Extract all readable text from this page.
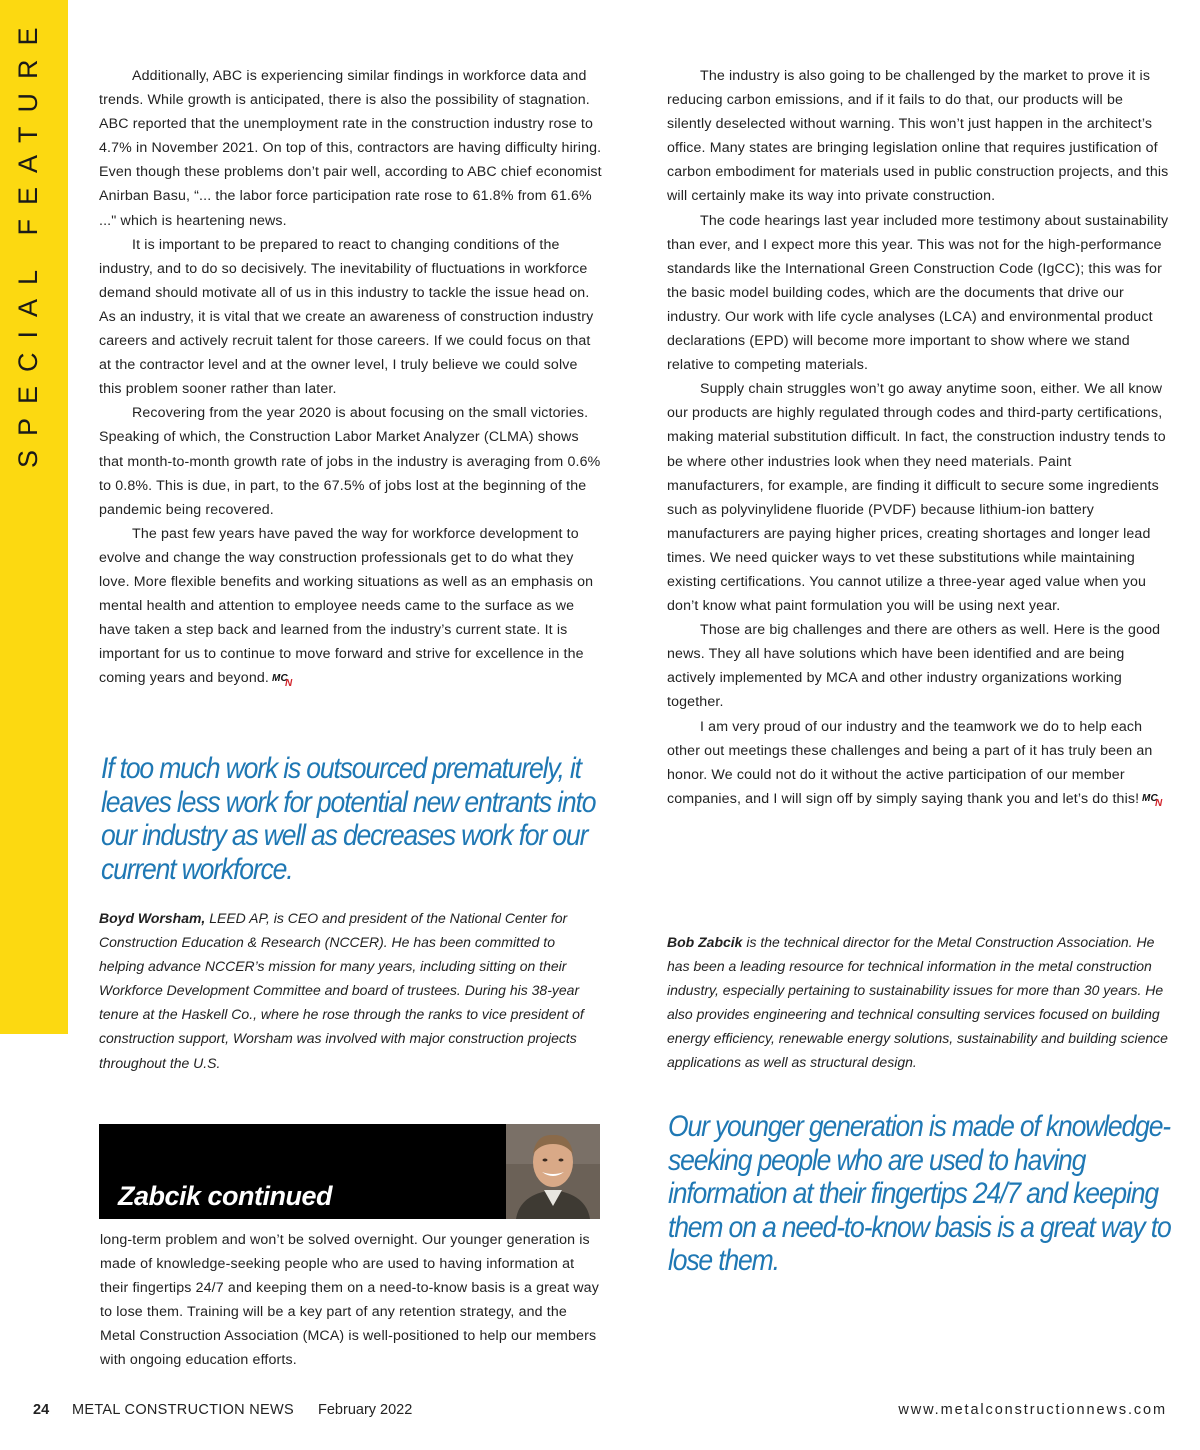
SPECIAL FEATURE	Additionally, ABC is experiencing similar findings in workforce data and trends. While growth is anticipated, there is also the possibility of stagnation. ABC reported that the unemployment rate in the construction industry rose to 4.7% in November 2021. On top of this, contractors are having difficulty hiring. Even though these problems don’t pair well, according to ABC chief economist Anirban Basu, “... the labor force participation rate rose to 61.8% from 61.6% ..." which is heartening news.

It is important to be prepared to react to changing conditions of the industry, and to do so decisively. The inevitability of fluctuations in workforce demand should motivate all of us in this industry to tackle the issue head on. As an industry, it is vital that we create an awareness of construction industry careers and actively recruit talent for those careers. If we could focus on that at the contractor level and at the owner level, I truly believe we could solve this problem sooner rather than later.

Recovering from the year 2020 is about focusing on the small victories. Speaking of which, the Construction Labor Market Analyzer (CLMA) shows that month-to-month growth rate of jobs in the industry is averaging from 0.6% to 0.8%. This is due, in part, to the 67.5% of jobs lost at the beginning of the pandemic being recovered.

The past few years have paved the way for workforce development to evolve and change the way construction professionals get to do what they love. More flexible benefits and working situations as well as an emphasis on mental health and attention to employee needs came to the surface as we have taken a step back and learned from the industry’s current state. It is important for us to continue to move forward and strive for excellence in the coming years and beyond. MC
N

If too much work is outsourced prematurely, it leaves less work for potential new entrants into our industry as well as decreases work for our current workforce.
Boyd Worsham, LEED AP, is CEO and president of the National Center for Construction Education & Research (NCCER). He has been committed to helping advance NCCER’s mission for many years, including sitting on their Workforce Development Committee and board of trustees. During his 38-year tenure at the Haskell Co., where he rose through the ranks to vice president of construction support, Worsham was involved with major construction projects throughout the U.S.
Zabcik continued

long-term problem and won’t be solved overnight. Our younger generation is made of knowledge-seeking people who are used to having information at their fingertips 24/7 and keeping them on a need-to-know basis is a great way to lose them. Training will be a key part of any retention strategy, and the Metal Construction Association (MCA) is well-positioned to help our members with ongoing education efforts.

The industry is also going to be challenged by the market to prove it is reducing carbon emissions, and if it fails to do that, our products will be silently deselected without warning. This won’t just happen in the architect’s office. Many states are bringing legislation online that requires justification of carbon embodiment for materials used in public construction projects, and this will certainly make its way into private construction.

The code hearings last year included more testimony about sustainability than ever, and I expect more this year. This was not for the high-performance standards like the International Green Construction Code (IgCC); this was for the basic model building codes, which are the documents that drive our industry. Our work with life cycle analyses (LCA) and environmental product declarations (EPD) will become more important to show where we stand relative to competing materials.

Supply chain struggles won’t go away anytime soon, either. We all know our products are highly regulated through codes and third-party certifications, making material substitution difficult. In fact, the construction industry tends to be where other industries look when they need materials. Paint manufacturers, for example, are finding it difficult to secure some ingredients such as polyvinylidene fluoride (PVDF) because lithium-ion battery manufacturers are paying higher prices, creating shortages and longer lead times. We need quicker ways to vet these substitutions while maintaining existing certifications. You cannot utilize a three-year aged value when you don’t know what paint formulation you will be using next year.

Those are big challenges and there are others as well. Here is the good news. They all have solutions which have been identified and are being actively implemented by MCA and other industry organizations working together.

I am very proud of our industry and the teamwork we do to help each other out meetings these challenges and being a part of it has truly been an honor. We could not do it without the active participation of our member companies, and I will sign off by simply saying thank you and let’s do this! MC
N

Bob Zabcik is the technical director for the Metal Construction Association. He has been a leading resource for technical information in the metal construction industry, especially pertaining to sustainability issues for more than 30 years. He also provides engineering and technical consulting services focused on building energy efficiency, renewable energy solutions, sustainability and building science applications as well as structural design.
Our younger generation is made of knowledge-seeking people who are used to having information at their fingertips 24/7 and keeping them on a need-to-know basis is a great way to lose them.
24 METAL CONSTRUCTION NEWS February 2022	www.metalconstructionnews.com
